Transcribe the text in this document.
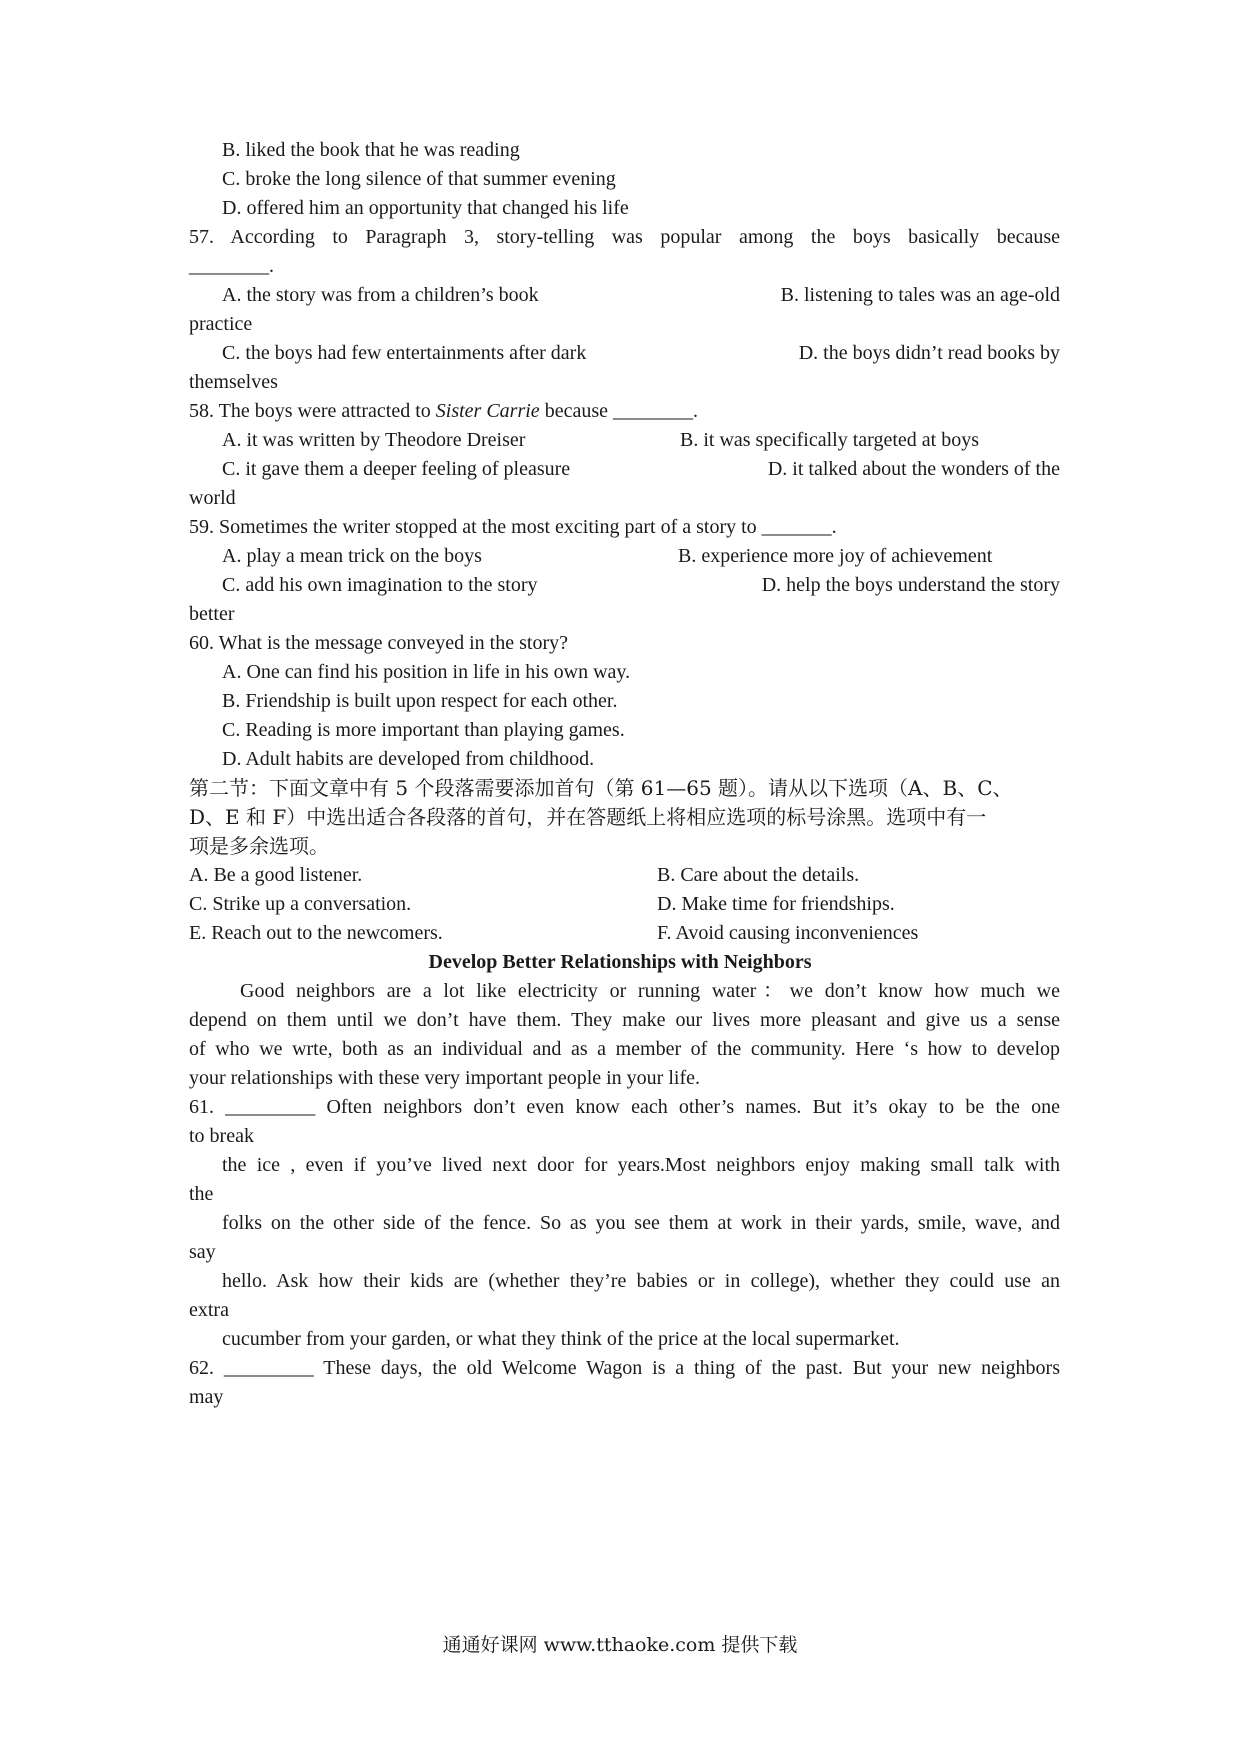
B. liked the book that he was reading
C. broke the long silence of that summer evening
D. offered him an opportunity that changed his life
57. According to Paragraph 3, story-telling was popular among the boys basically because
________.
A. the story was from a children’s book	B. listening to tales was an age-old
practice
C. the boys had few entertainments after dark	D. the boys didn’t read books by
themselves
58. The boys were attracted to Sister Carrie because ________.
A. it was written by Theodore Dreiser	B. it was specifically targeted at boys
C. it gave them a deeper feeling of pleasure	D. it talked about the wonders of the
world
59. Sometimes the writer stopped at the most exciting part of a story to _______.
A. play a mean trick on the boys	B. experience more joy of achievement
C. add his own imagination to the story	D. help the boys understand the story
better
60. What is the message conveyed in the story?
A. One can find his position in life in his own way.
B. Friendship is built upon respect for each other.
C. Reading is more important than playing games.
D. Adult habits are developed from childhood.
第二节：下面文章中有 5 个段落需要添加首句（第 61—65 题）。请从以下选项（A、B、C、
D、E 和 F）中选出适合各段落的首句，并在答题纸上将相应选项的标号涂黑。选项中有一
项是多余选项。
A. Be a good listener.	B. Care about the details.
C. Strike up a conversation.	D. Make time for friendships.
E. Reach out to the newcomers.	F. Avoid causing inconveniences
Develop Better Relationships with Neighbors
Good neighbors are a lot like electricity or running water：we don’t know how much we
depend on them until we don’t have them. They make our lives more pleasant and give us a sense
of who we wrte, both as an individual and as a member of the community. Here ‘s how to develop
your relationships with these very important people in your life.
61. _________ Often neighbors don’t even know each other’s names. But it’s okay to be the one
to break
the ice , even if you’ve lived next door for years.Most neighbors enjoy making small talk with
the
folks on the other side of the fence. So as you see them at work in their yards, smile, wave, and
say
hello. Ask how their kids are (whether they’re babies or in college), whether they could use an
extra
cucumber from your garden, or what they think of the price at the local supermarket.
62. _________ These days, the old Welcome Wagon is a thing of the past. But your new neighbors
may
通通好课网 www.tthaoke.com 提供下载
